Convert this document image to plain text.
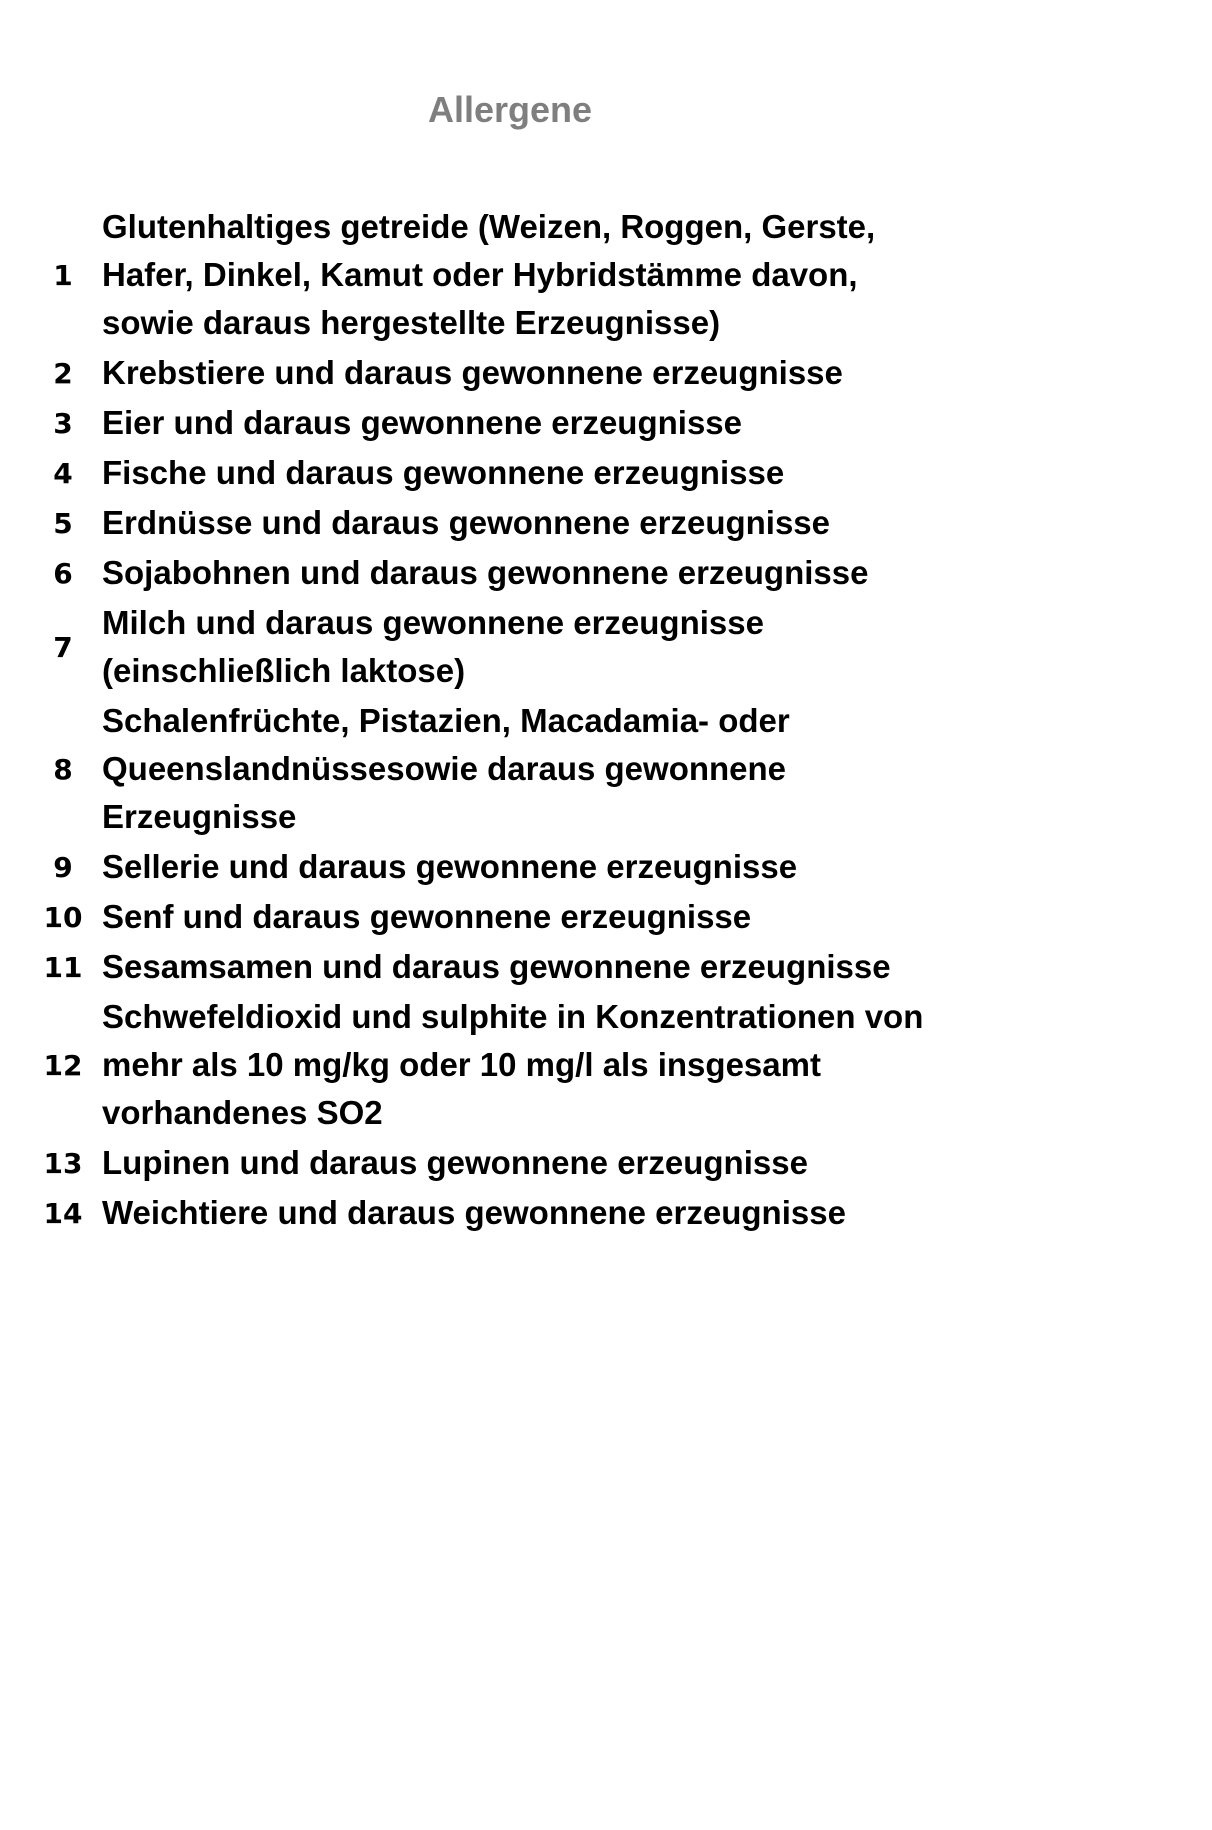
Allergene
1
Glutenhaltiges getreide (Weizen, Roggen, Gerste,
Hafer, Dinkel, Kamut oder Hybridstämme davon,
sowie daraus hergestellte Erzeugnisse)
2 Krebstiere und daraus gewonnene erzeugnisse
3 Eier und daraus gewonnene erzeugnisse
4 Fische und daraus gewonnene erzeugnisse
5 Erdnüsse und daraus gewonnene erzeugnisse
6 Sojabohnen und daraus gewonnene erzeugnisse
7
Milch und daraus gewonnene erzeugnisse
(einschließlich laktose)
8
Schalenfrüchte, Pistazien, Macadamia- oder
Queenslandnüssesowie daraus gewonnene
Erzeugnisse
9 Sellerie und daraus gewonnene erzeugnisse
10 Senf und daraus gewonnene erzeugnisse
11 Sesamsamen und daraus gewonnene erzeugnisse
12
Schwefeldioxid und sulphite in Konzentrationen von
mehr als 10 mg/kg oder 10 mg/l als insgesamt
vorhandenes SO2
13 Lupinen und daraus gewonnene erzeugnisse
14 Weichtiere und daraus gewonnene erzeugnisse
